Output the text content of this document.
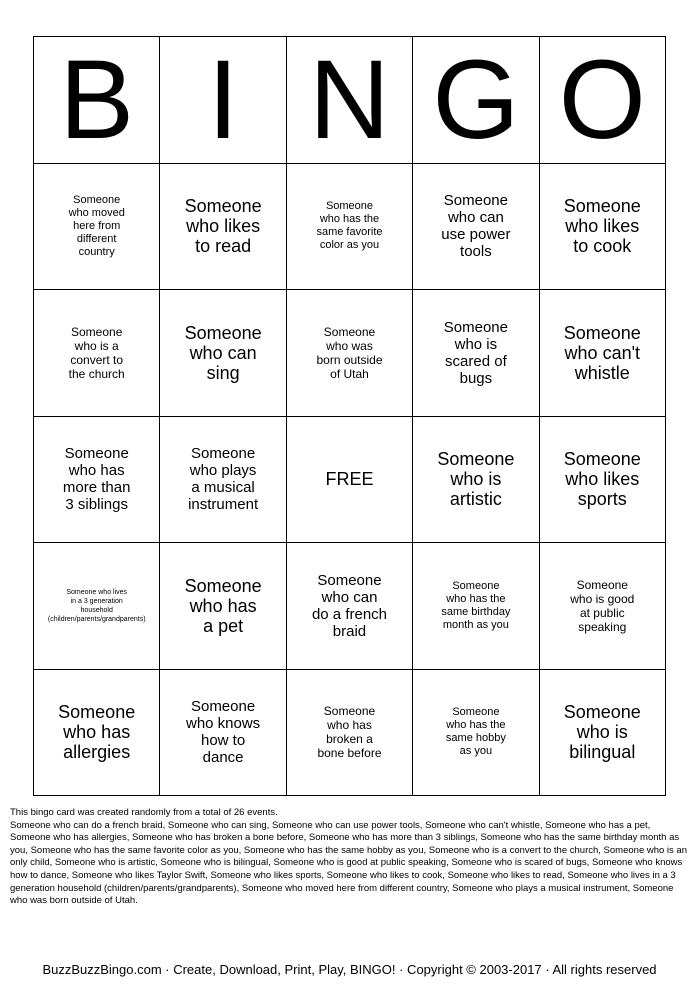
B I N G O
Someone
who moved
here from
different
country
Someone
who likes
to read
Someone
who has the
same favorite
color as you
Someone
who can
use power
tools
Someone
who likes
to cook
Someone
who is a
convert to
the church
Someone
who can
sing
Someone
who was
born outside
of Utah
Someone
who is
scared of
bugs
Someone
who can't
whistle
Someone
who has
more than
3 siblings
Someone
who plays
a musical
instrument
FREE
Someone
who is
artistic
Someone
who likes
sports
Someone who lives
in a 3 generation
household
(children/parents/grandparents)
Someone
who has
a pet
Someone
who can
do a french
braid
Someone
who has the
same birthday
month as you
Someone
who is good
at public
speaking
Someone
who has
allergies
Someone
who knows
how to
dance
Someone
who has
broken a
bone before
Someone
who has the
same hobby
as you
Someone
who is
bilingual

This bingo card was created randomly from a total of 26 events.

Someone who can do a french braid, Someone who can sing, Someone who can use power tools, Someone who can't whistle, Someone who has a pet, Someone who has allergies, Someone who has broken a bone before, Someone who has more than 3 siblings, Someone who has the same birthday month as you, Someone who has the same favorite color as you, Someone who has the same hobby as you, Someone who is a convert to the church, Someone who is an only child, Someone who is artistic, Someone who is bilingual, Someone who is good at public speaking, Someone who is scared of bugs, Someone who knows how to dance, Someone who likes Taylor Swift, Someone who likes sports, Someone who likes to cook, Someone who likes to read, Someone who lives in a 3 generation household (children/parents/grandparents), Someone who moved here from different country, Someone who plays a musical instrument, Someone who was born outside of Utah.

BuzzBuzzBingo.com · Create, Download, Print, Play, BINGO! · Copyright © 2003-2017 · All rights reserved
